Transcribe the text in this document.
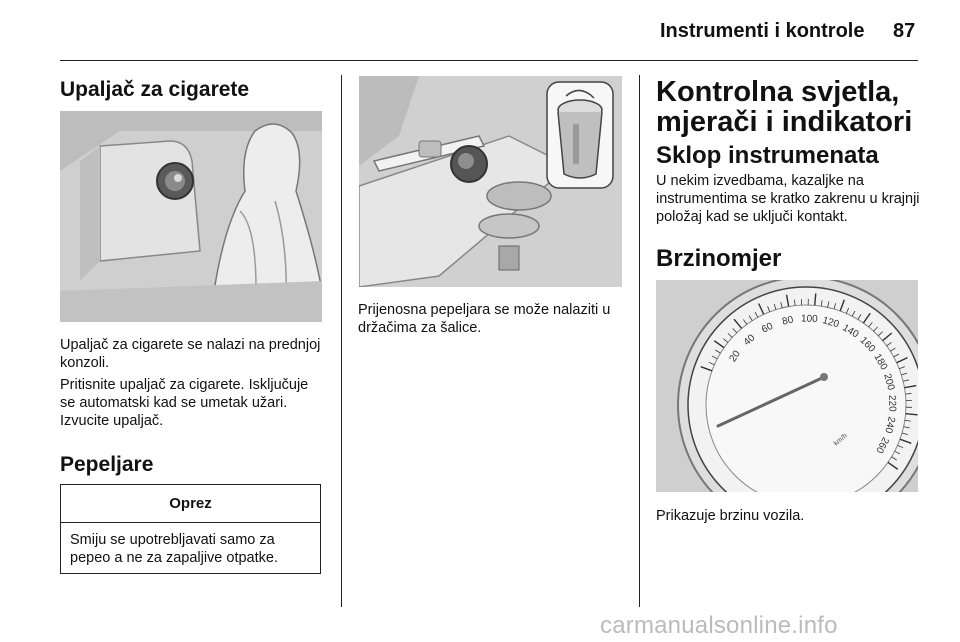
Instrumenti i kontrole 87
Upaljač za cigarete
Upaljač za cigarete se nalazi na prednjoj konzoli.
Pritisnite upaljač za cigarete. Isključuje se automatski kad se umetak užari. Izvucite upaljač.
Pepeljare
Oprez
Smiju se upotrebljavati samo za pepeo a ne za zapaljive otpatke.
Prijenosna pepeljara se može nalaziti u držačima za šalice.
Kontrolna svjetla,
mjerači i indikatori
Sklop instrumenata
U nekim izvedbama, kazaljke na instrumentima se kratko zakrenu u krajnji položaj kad se uključi kontakt.
Brzinomjer
20
40
60 80 100 120 140
160
180
200
220
240
260
km/h
Prikazuje brzinu vozila.
carmanualsonline.info
